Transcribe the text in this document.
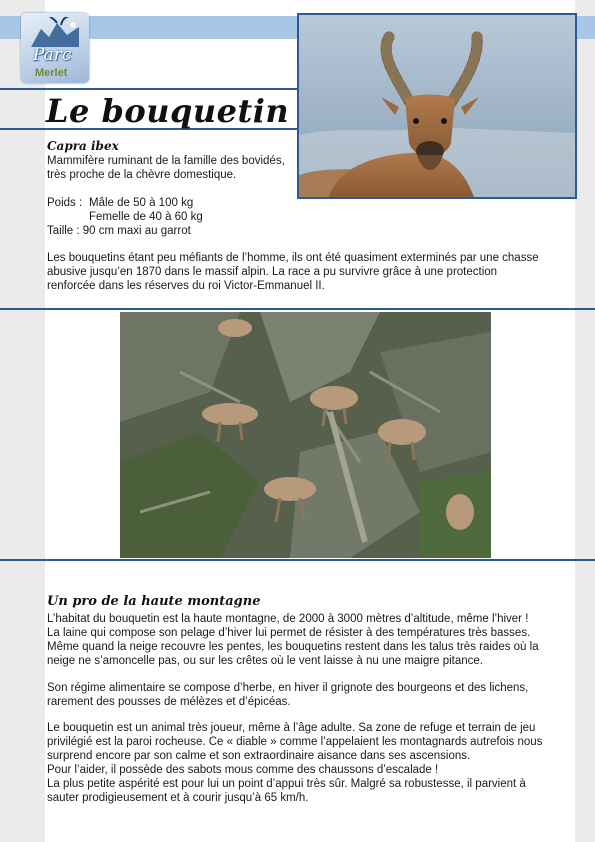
Parc
Merlet
Le bouquetin
Capra ibex
Mammifère ruminant de la famille des bovidés,
très proche de la chèvre domestique.
Poids : Mâle de 50 à 100 kg
Femelle de 40 à 60 kg
Taille : 90 cm maxi au garrot
Les bouquetins étant peu méfiants de l’homme, ils ont été quasiment exterminés par une chasse
abusive jusqu’en 1870 dans le massif alpin. La race a pu survivre grâce à une protection
renforcée dans les réserves du roi Victor-Emmanuel II.
Un pro de la haute montagne
L’habitat du bouquetin est la haute montagne, de 2000 à 3000 mètres d’altitude, même l’hiver !
La laine qui compose son pelage d’hiver lui permet de résister à des températures très basses.
Même quand la neige recouvre les pentes, les bouquetins restent dans les talus très raides où la
neige ne s’amoncelle pas, ou sur les crêtes où le vent laisse à nu une maigre pitance.
Son régime alimentaire se compose d’herbe, en hiver il grignote des bourgeons et des lichens,
rarement des pousses de mélèzes et d’épicéas.
Le bouquetin est un animal très joueur, même à l’âge adulte. Sa zone de refuge et terrain de jeu
privilégié est la paroi rocheuse. Ce « diable » comme l’appelaient les montagnards autrefois nous
surprend encore par son calme et son extraordinaire aisance dans ses ascensions.
Pour l’aider, il possède des sabots mous comme des chaussons d’escalade !
La plus petite aspérité est pour lui un point d’appui très sûr. Malgré sa robustesse, il parvient à
sauter prodigieusement et à courir jusqu’à 65 km/h.
